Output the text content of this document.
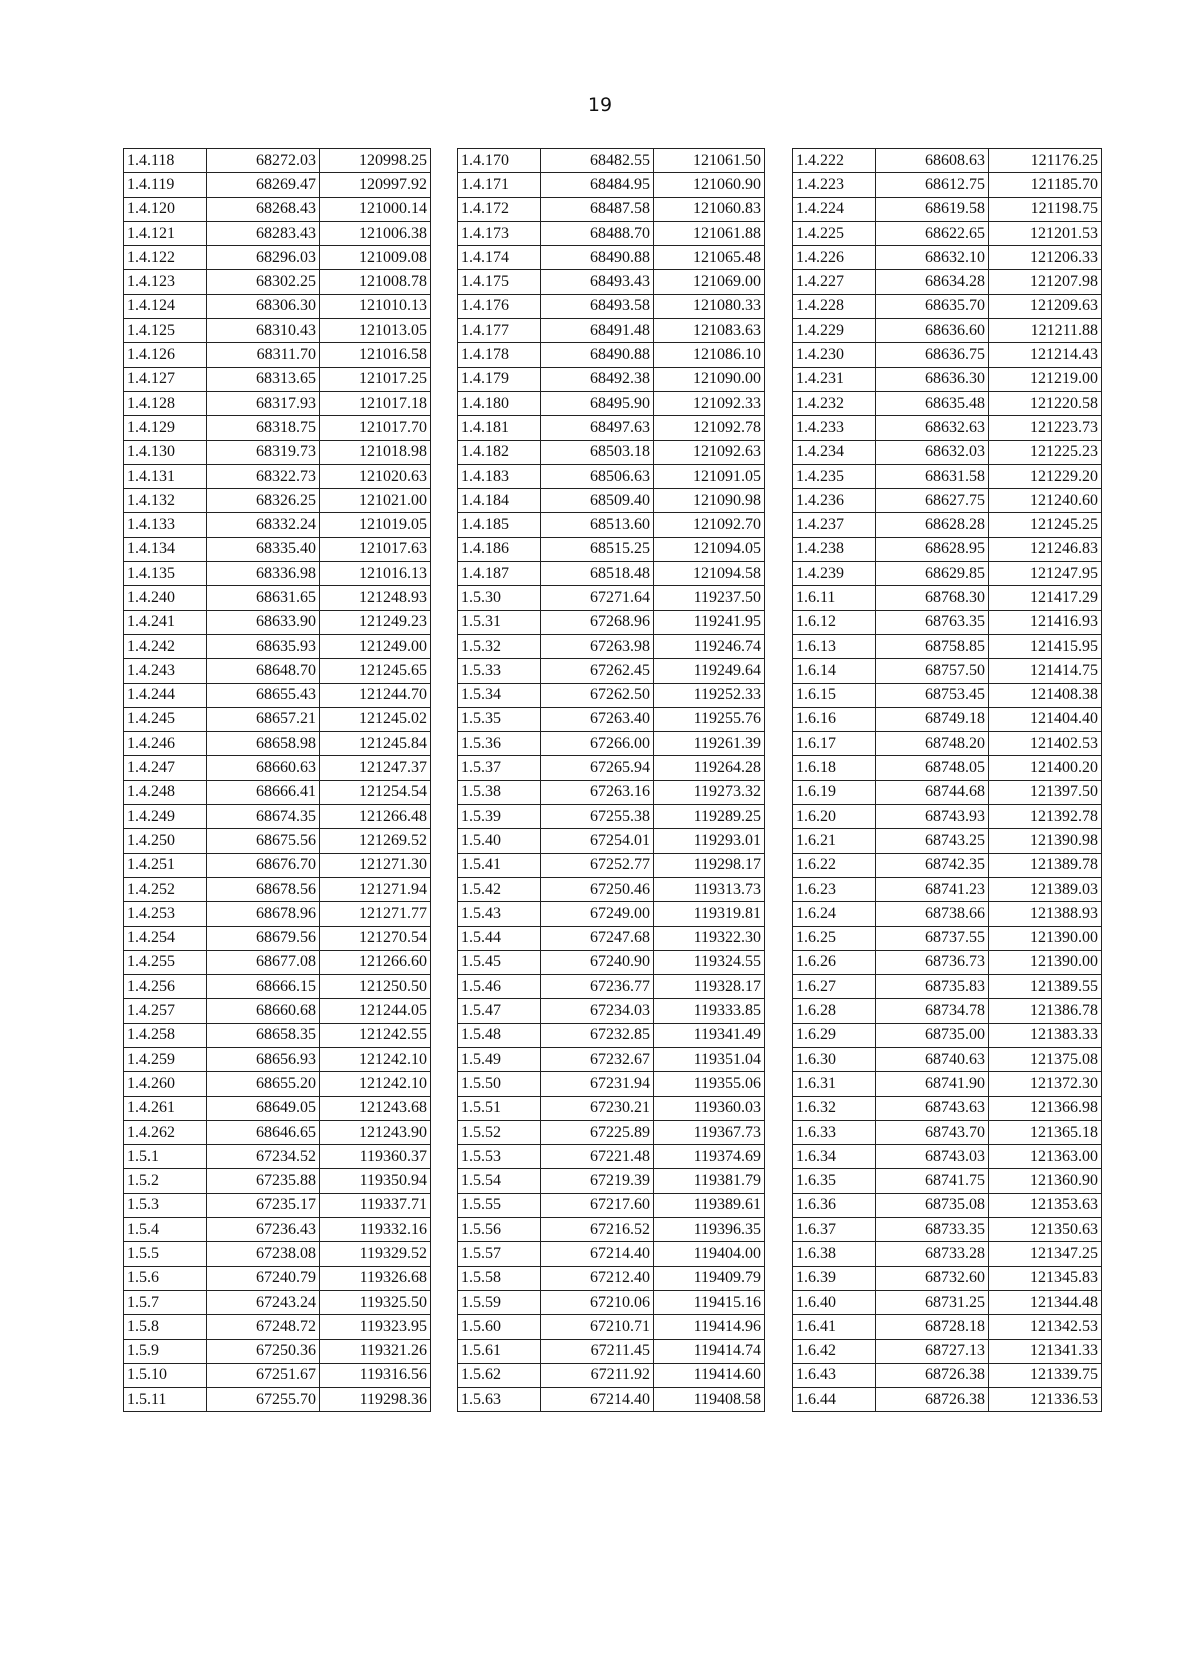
19
1.4.118	68272.03	120998.25
1.4.119	68269.47	120997.92
1.4.120	68268.43	121000.14
1.4.121	68283.43	121006.38
1.4.122	68296.03	121009.08
1.4.123	68302.25	121008.78
1.4.124	68306.30	121010.13
1.4.125	68310.43	121013.05
1.4.126	68311.70	121016.58
1.4.127	68313.65	121017.25
1.4.128	68317.93	121017.18
1.4.129	68318.75	121017.70
1.4.130	68319.73	121018.98
1.4.131	68322.73	121020.63
1.4.132	68326.25	121021.00
1.4.133	68332.24	121019.05
1.4.134	68335.40	121017.63
1.4.135	68336.98	121016.13
1.4.240	68631.65	121248.93
1.4.241	68633.90	121249.23
1.4.242	68635.93	121249.00
1.4.243	68648.70	121245.65
1.4.244	68655.43	121244.70
1.4.245	68657.21	121245.02
1.4.246	68658.98	121245.84
1.4.247	68660.63	121247.37
1.4.248	68666.41	121254.54
1.4.249	68674.35	121266.48
1.4.250	68675.56	121269.52
1.4.251	68676.70	121271.30
1.4.252	68678.56	121271.94
1.4.253	68678.96	121271.77
1.4.254	68679.56	121270.54
1.4.255	68677.08	121266.60
1.4.256	68666.15	121250.50
1.4.257	68660.68	121244.05
1.4.258	68658.35	121242.55
1.4.259	68656.93	121242.10
1.4.260	68655.20	121242.10
1.4.261	68649.05	121243.68
1.4.262	68646.65	121243.90
1.5.1	67234.52	119360.37
1.5.2	67235.88	119350.94
1.5.3	67235.17	119337.71
1.5.4	67236.43	119332.16
1.5.5	67238.08	119329.52
1.5.6	67240.79	119326.68
1.5.7	67243.24	119325.50
1.5.8	67248.72	119323.95
1.5.9	67250.36	119321.26
1.5.10	67251.67	119316.56
1.5.11	67255.70	119298.36
1.4.170	68482.55	121061.50
1.4.171	68484.95	121060.90
1.4.172	68487.58	121060.83
1.4.173	68488.70	121061.88
1.4.174	68490.88	121065.48
1.4.175	68493.43	121069.00
1.4.176	68493.58	121080.33
1.4.177	68491.48	121083.63
1.4.178	68490.88	121086.10
1.4.179	68492.38	121090.00
1.4.180	68495.90	121092.33
1.4.181	68497.63	121092.78
1.4.182	68503.18	121092.63
1.4.183	68506.63	121091.05
1.4.184	68509.40	121090.98
1.4.185	68513.60	121092.70
1.4.186	68515.25	121094.05
1.4.187	68518.48	121094.58
1.5.30	67271.64	119237.50
1.5.31	67268.96	119241.95
1.5.32	67263.98	119246.74
1.5.33	67262.45	119249.64
1.5.34	67262.50	119252.33
1.5.35	67263.40	119255.76
1.5.36	67266.00	119261.39
1.5.37	67265.94	119264.28
1.5.38	67263.16	119273.32
1.5.39	67255.38	119289.25
1.5.40	67254.01	119293.01
1.5.41	67252.77	119298.17
1.5.42	67250.46	119313.73
1.5.43	67249.00	119319.81
1.5.44	67247.68	119322.30
1.5.45	67240.90	119324.55
1.5.46	67236.77	119328.17
1.5.47	67234.03	119333.85
1.5.48	67232.85	119341.49
1.5.49	67232.67	119351.04
1.5.50	67231.94	119355.06
1.5.51	67230.21	119360.03
1.5.52	67225.89	119367.73
1.5.53	67221.48	119374.69
1.5.54	67219.39	119381.79
1.5.55	67217.60	119389.61
1.5.56	67216.52	119396.35
1.5.57	67214.40	119404.00
1.5.58	67212.40	119409.79
1.5.59	67210.06	119415.16
1.5.60	67210.71	119414.96
1.5.61	67211.45	119414.74
1.5.62	67211.92	119414.60
1.5.63	67214.40	119408.58
1.4.222	68608.63	121176.25
1.4.223	68612.75	121185.70
1.4.224	68619.58	121198.75
1.4.225	68622.65	121201.53
1.4.226	68632.10	121206.33
1.4.227	68634.28	121207.98
1.4.228	68635.70	121209.63
1.4.229	68636.60	121211.88
1.4.230	68636.75	121214.43
1.4.231	68636.30	121219.00
1.4.232	68635.48	121220.58
1.4.233	68632.63	121223.73
1.4.234	68632.03	121225.23
1.4.235	68631.58	121229.20
1.4.236	68627.75	121240.60
1.4.237	68628.28	121245.25
1.4.238	68628.95	121246.83
1.4.239	68629.85	121247.95
1.6.11	68768.30	121417.29
1.6.12	68763.35	121416.93
1.6.13	68758.85	121415.95
1.6.14	68757.50	121414.75
1.6.15	68753.45	121408.38
1.6.16	68749.18	121404.40
1.6.17	68748.20	121402.53
1.6.18	68748.05	121400.20
1.6.19	68744.68	121397.50
1.6.20	68743.93	121392.78
1.6.21	68743.25	121390.98
1.6.22	68742.35	121389.78
1.6.23	68741.23	121389.03
1.6.24	68738.66	121388.93
1.6.25	68737.55	121390.00
1.6.26	68736.73	121390.00
1.6.27	68735.83	121389.55
1.6.28	68734.78	121386.78
1.6.29	68735.00	121383.33
1.6.30	68740.63	121375.08
1.6.31	68741.90	121372.30
1.6.32	68743.63	121366.98
1.6.33	68743.70	121365.18
1.6.34	68743.03	121363.00
1.6.35	68741.75	121360.90
1.6.36	68735.08	121353.63
1.6.37	68733.35	121350.63
1.6.38	68733.28	121347.25
1.6.39	68732.60	121345.83
1.6.40	68731.25	121344.48
1.6.41	68728.18	121342.53
1.6.42	68727.13	121341.33
1.6.43	68726.38	121339.75
1.6.44	68726.38	121336.53
